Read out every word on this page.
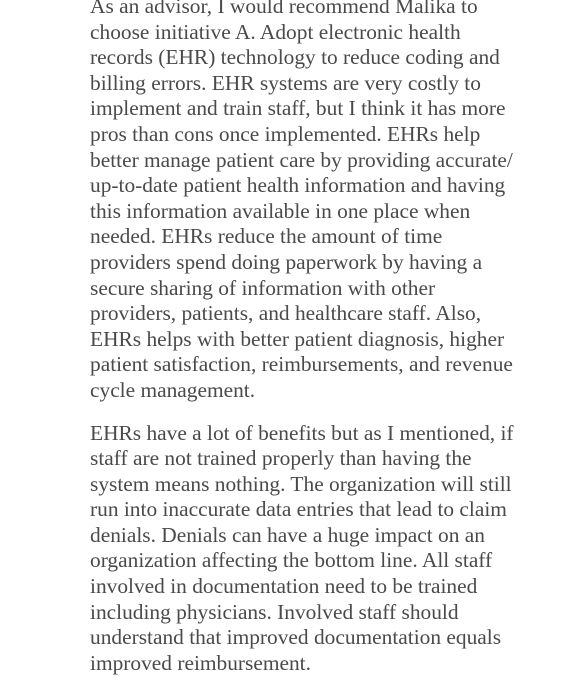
As an advisor, I would recommend Malika to
choose initiative A. Adopt electronic health
records (EHR) technology to reduce coding and
billing errors. EHR systems are very costly to
implement and train staff, but I think it has more
pros than cons once implemented. EHRs help
better manage patient care by providing accurate/
up-to-date patient health information and having
this information available in one place when
needed. EHRs reduce the amount of time
providers spend doing paperwork by having a
secure sharing of information with other
providers, patients, and healthcare staff. Also,
EHRs helps with better patient diagnosis, higher
patient satisfaction, reimbursements, and revenue
cycle management.

EHRs have a lot of benefits but as I mentioned, if
staff are not trained properly than having the
system means nothing. The organization will still
run into inaccurate data entries that lead to claim
denials. Denials can have a huge impact on an
organization affecting the bottom line. All staff
involved in documentation need to be trained
including physicians. Involved staff should
understand that improved documentation equals
improved reimbursement.
